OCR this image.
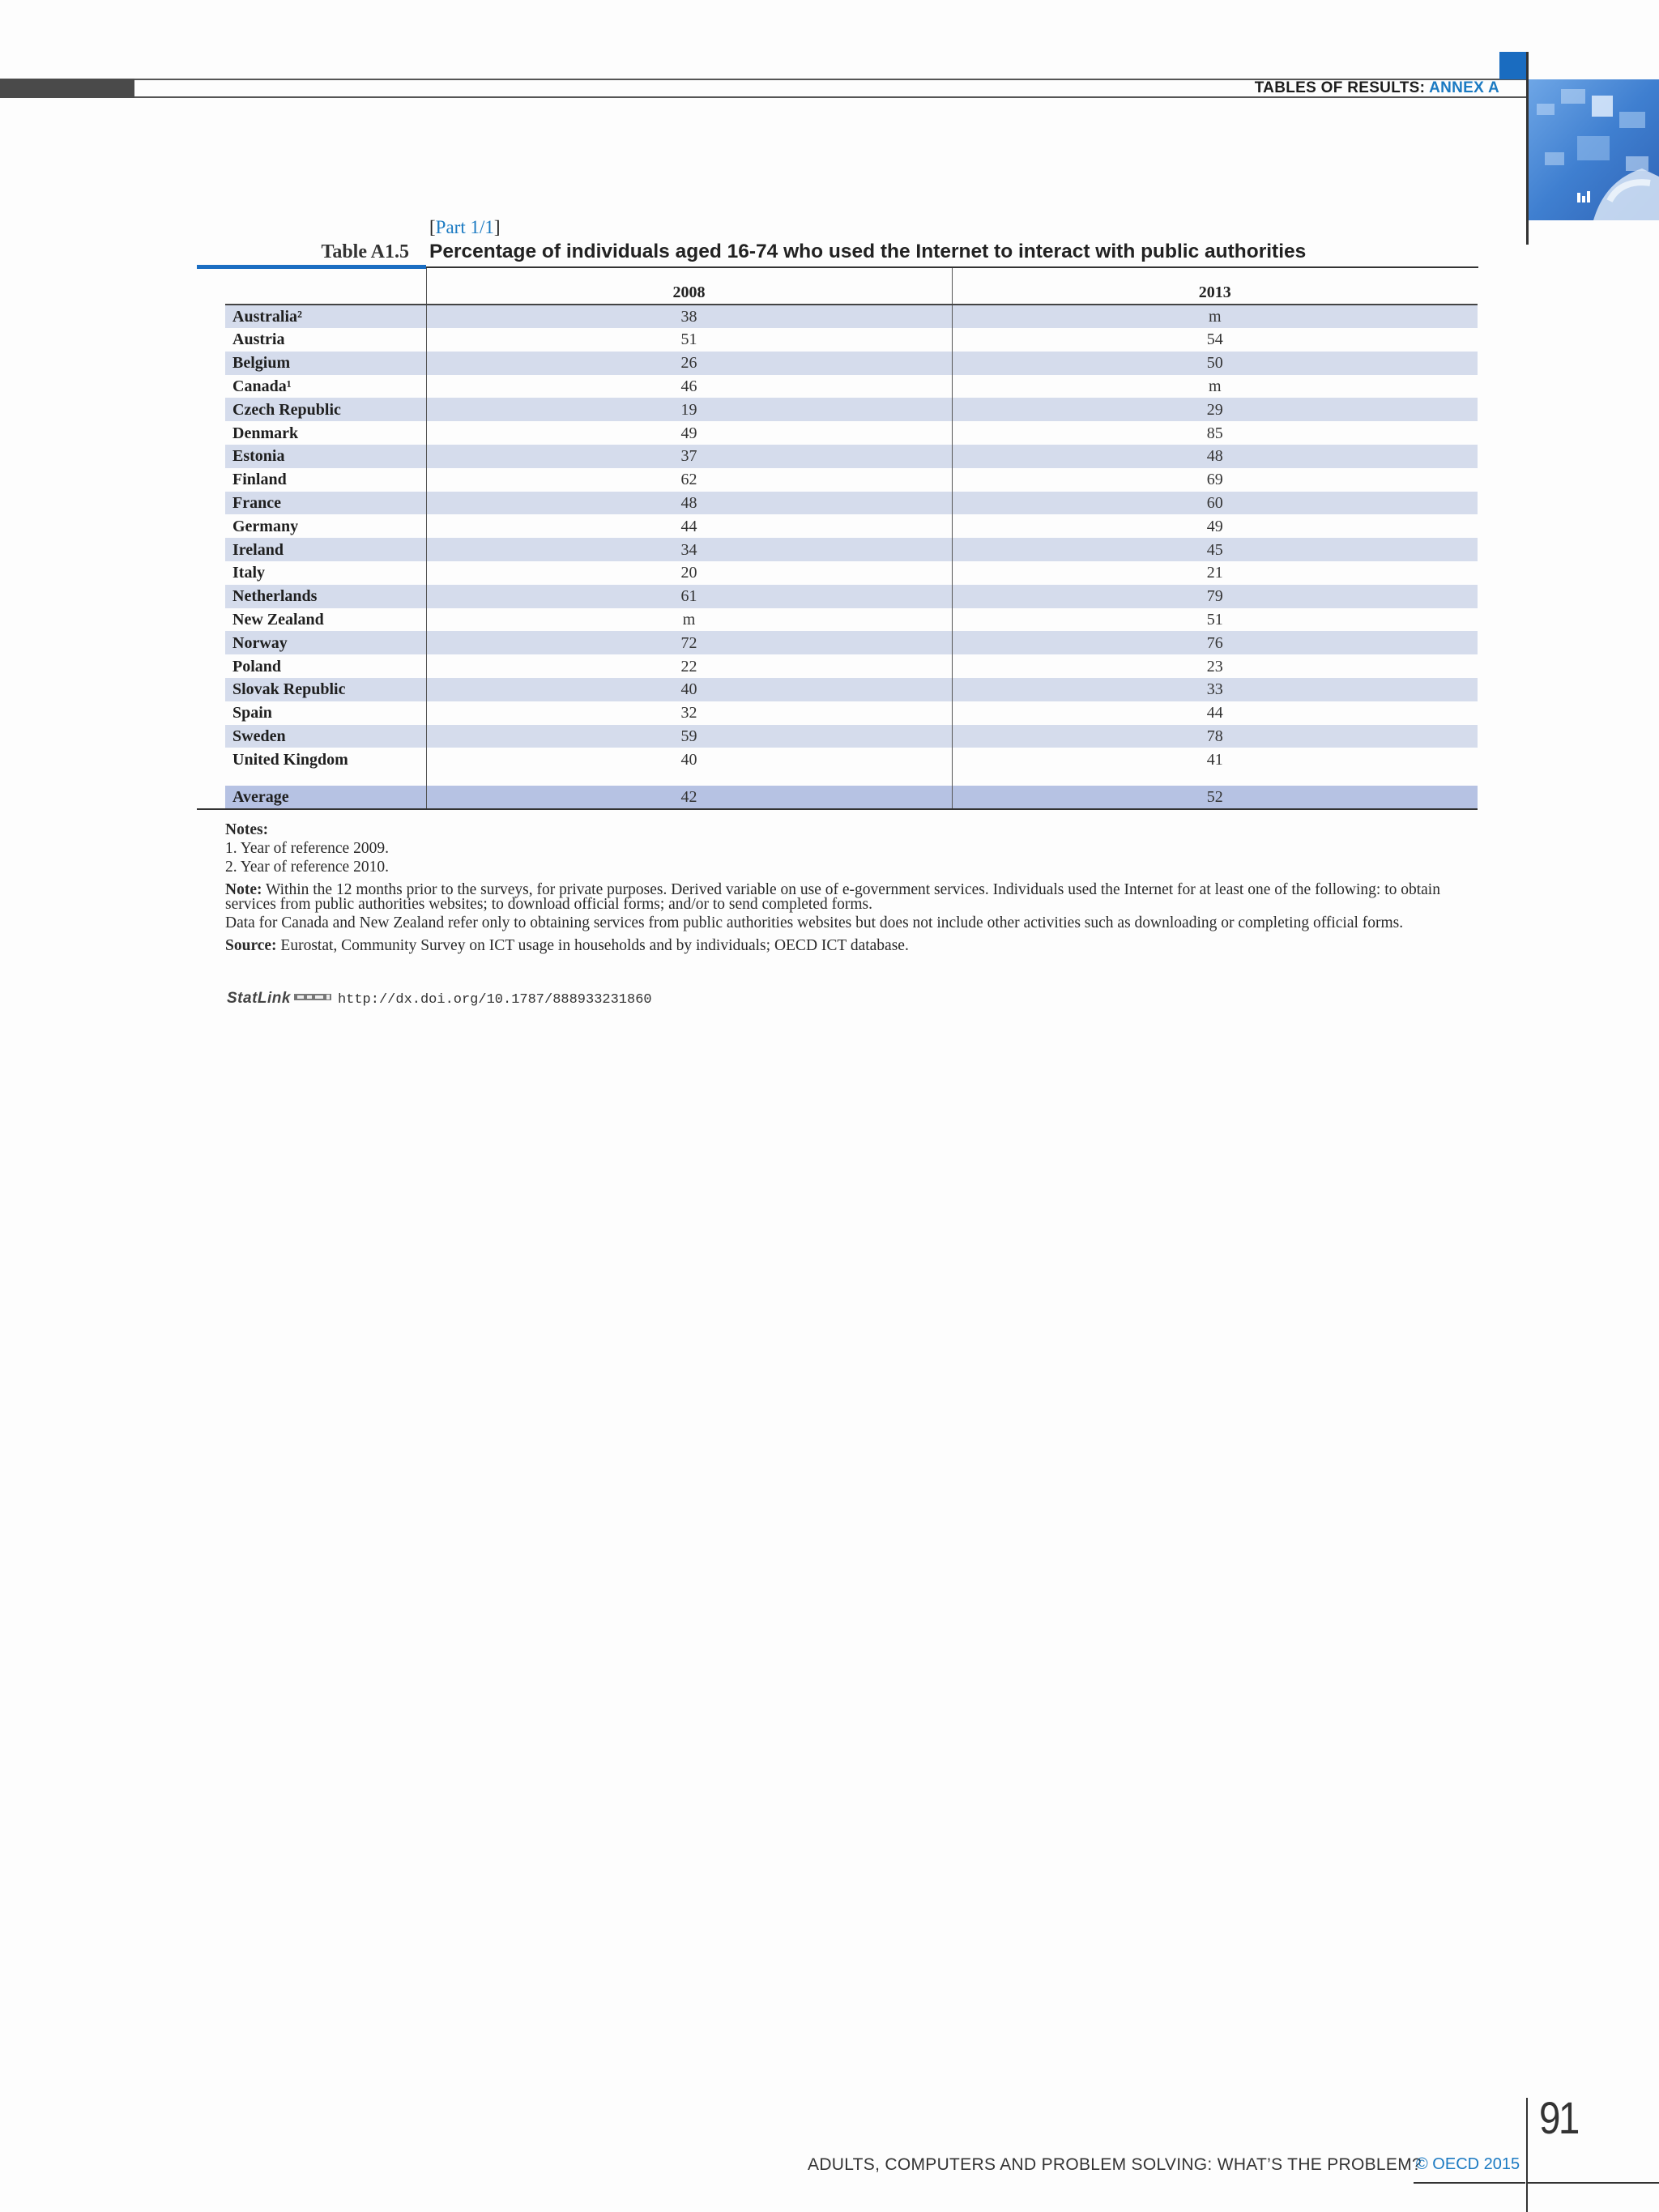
TABLES OF RESULTS: ANNEX A
[Part 1/1]
Table A1.5 Percentage of individuals aged 16-74 who used the Internet to interact with public authorities
	2008	2013
Australia²	38	m
Austria	51	54
Belgium	26	50
Canada¹	46	m
Czech Republic	19	29
Denmark	49	85
Estonia	37	48
Finland	62	69
France	48	60
Germany	44	49
Ireland	34	45
Italy	20	21
Netherlands	61	79
New Zealand	m	51
Norway	72	76
Poland	22	23
Slovak Republic	40	33
Spain	32	44
Sweden	59	78
United Kingdom	40	41

Average	42	52

Notes:

1. Year of reference 2009.

2. Year of reference 2010.

Note: Within the 12 months prior to the surveys, for private purposes. Derived variable on use of e-government services. Individuals used the Internet for at least one of the following: to obtain services from public authorities websites; to download official forms; and/or to send completed forms.

Data for Canada and New Zealand refer only to obtaining services from public authorities websites but does not include other activities such as downloading or completing official forms.

Source: Eurostat, Community Survey on ICT usage in households and by individuals; OECD ICT database.

StatLink	http://dx.doi.org/10.1787/888933231860
ADULTS, COMPUTERS AND PROBLEM SOLVING: WHAT’S THE PROBLEM?
© OECD 2015
91
